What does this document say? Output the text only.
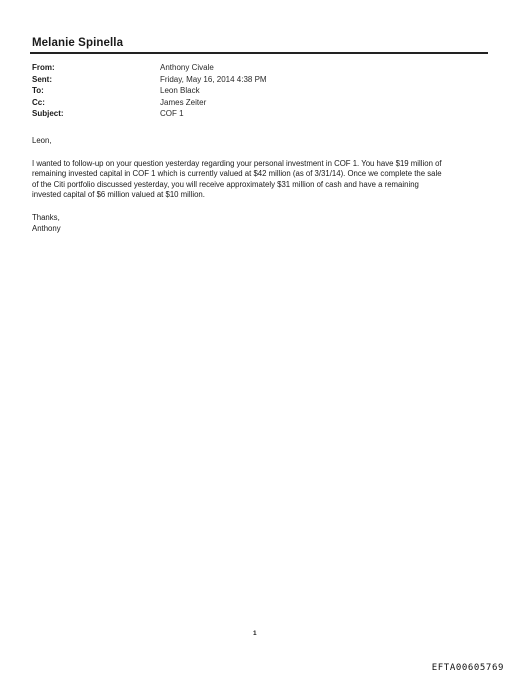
Melanie Spinella
From:	Anthony Civale
Sent:	Friday, May 16, 2014 4:38 PM
To:	Leon Black
Cc:	James Zeiter
Subject:	COF 1

Leon,

I wanted to follow-up on your question yesterday regarding your personal investment in COF 1. You have $19 million of
remaining invested capital in COF 1 which is currently valued at $42 million (as of 3/31/14). Once we complete the sale
of the Citi portfolio discussed yesterday, you will receive approximately $31 million of cash and have a remaining
invested capital of $6 million valued at $10 million.

Thanks,

Anthony

1
EFTA00605769
